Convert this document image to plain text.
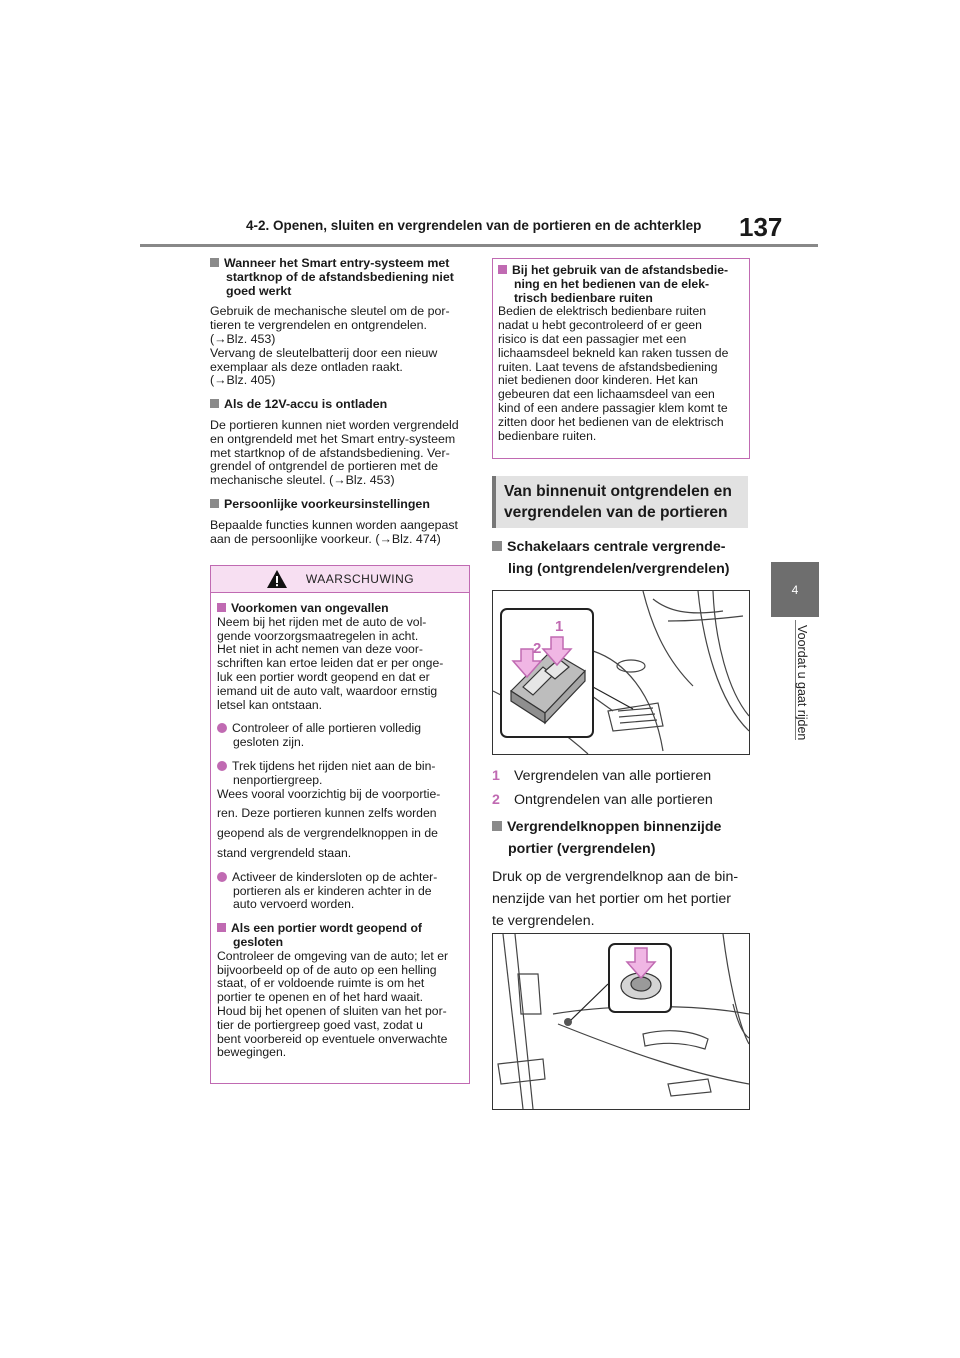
4-2. Openen, sluiten en vergrendelen van de portieren en de achterklep 137
4
Voordat u gaat rijden

Wanneer het Smart entry-systeem met

startknop of de afstandsbediening niet

goed werkt

Gebruik de mechanische sleutel om de por-

tieren te vergrendelen en ontgrendelen.

(→Blz. 453)

Vervang de sleutelbatterij door een nieuw

exemplaar als deze ontladen raakt.

(→Blz. 405)

Als de 12V-accu is ontladen

De portieren kunnen niet worden vergrendeld

en ontgrendeld met het Smart entry-systeem

met startknop of de afstandsbediening. Ver-

grendel of ontgrendel de portieren met de

mechanische sleutel. (→Blz. 453)

Persoonlijke voorkeursinstellingen

Bepaalde functies kunnen worden aangepast

aan de persoonlijke voorkeur. (→Blz. 474)

WAARSCHUWING

Voorkomen van ongevallen

Neem bij het rijden met de auto de vol-

gende voorzorgsmaatregelen in acht.

Het niet in acht nemen van deze voor-

schriften kan ertoe leiden dat er per onge-

luk een portier wordt geopend en dat er

iemand uit de auto valt, waardoor ernstig

letsel kan ontstaan.

Controleer of alle portieren volledig

gesloten zijn.

Trek tijdens het rijden niet aan de bin-

nenportiergreep.

Wees vooral voorzichtig bij de voorportie-

ren. Deze portieren kunnen zelfs worden

geopend als de vergrendelknoppen in de

stand vergrendeld staan.

Activeer de kindersloten op de achter-

portieren als er kinderen achter in de

auto vervoerd worden.

Als een portier wordt geopend of

gesloten

Controleer de omgeving van de auto; let er

bijvoorbeeld op of de auto op een helling

staat, of er voldoende ruimte is om het

portier te openen en of het hard waait.

Houd bij het openen of sluiten van het por-

tier de portiergreep goed vast, zodat u

bent voorbereid op eventuele onverwachte

bewegingen.

Bij het gebruik van de afstandsbedie-

ning en het bedienen van de elek-

trisch bedienbare ruiten

Bedien de elektrisch bedienbare ruiten

nadat u hebt gecontroleerd of er geen

risico is dat een passagier met een

lichaamsdeel bekneld kan raken tussen de

ruiten. Laat tevens de afstandsbediening

niet bedienen door kinderen. Het kan

gebeuren dat een lichaamsdeel van een

kind of een andere passagier klem komt te

zitten door het bedienen van de elektrisch

bedienbare ruiten.

Van binnenuit ontgrendelen en
vergrendelen van de portieren

Schakelaars centrale vergrende-

ling (ontgrendelen/vergrendelen)

1
2

1 Vergrendelen van alle portieren

2 Ontgrendelen van alle portieren

Vergrendelknoppen binnenzijde

portier (vergrendelen)

Druk op de vergrendelknop aan de bin-

nenzijde van het portier om het portier

te vergrendelen.
